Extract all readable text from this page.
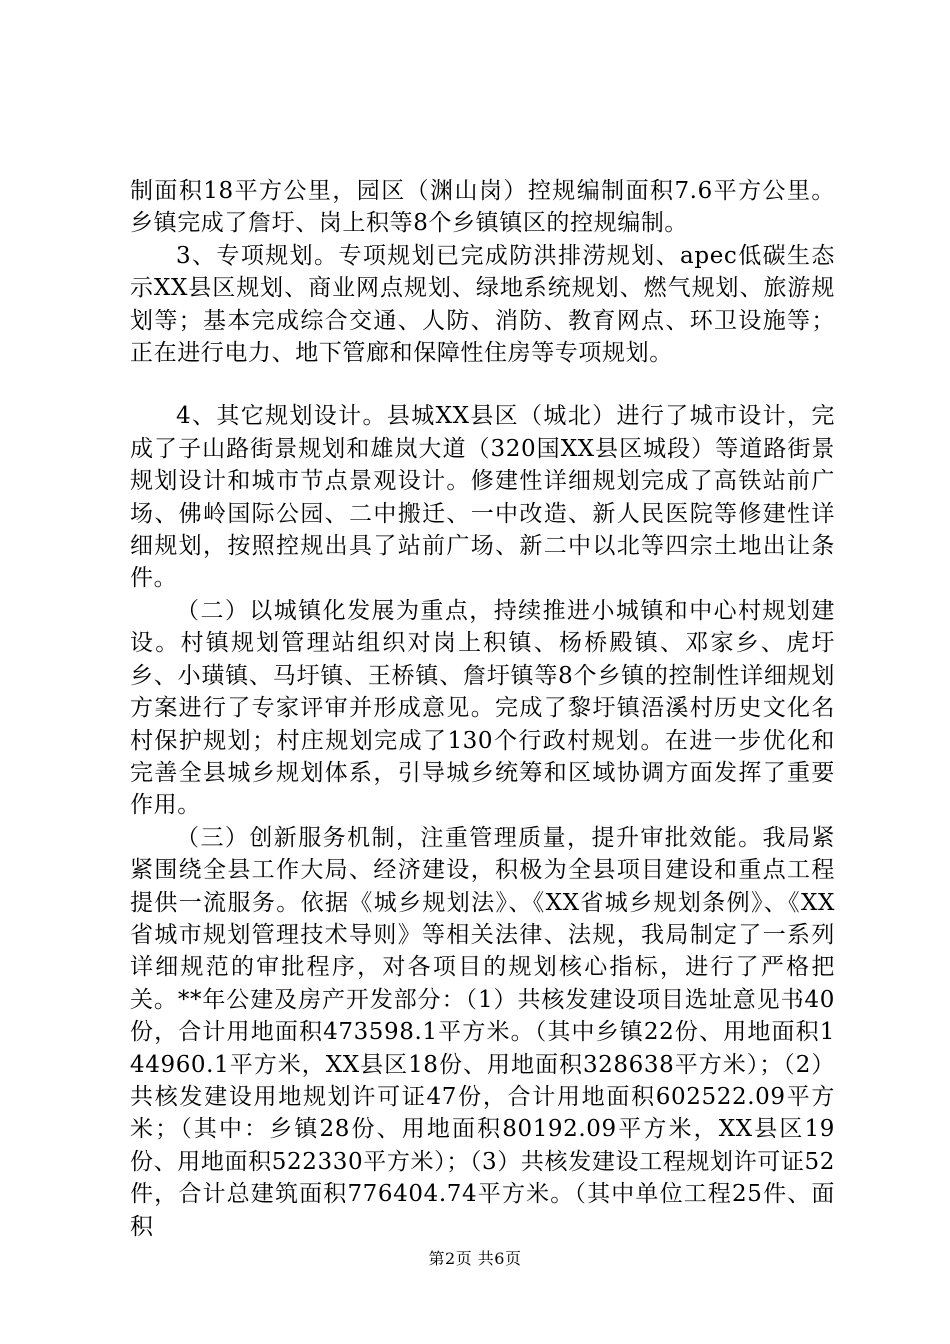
制面积18平方公里，园区（渊山岗）控规编制面积7.6平方公里。乡镇完成了詹圩、岗上积等8个乡镇镇区的控规编制。

3、专项规划。专项规划已完成防洪排涝规划、apec低碳生态示XX县区规划、商业网点规划、绿地系统规划、燃气规划、旅游规划等；基本完成综合交通、人防、消防、教育网点、环卫设施等；正在进行电力、地下管廊和保障性住房等专项规划。

4、其它规划设计。县城XX县区（城北）进行了城市设计，完成了子山路街景规划和雄岚大道（320国XX县区城段）等道路街景规划设计和城市节点景观设计。修建性详细规划完成了高铁站前广场、佛岭国际公园、二中搬迁、一中改造、新人民医院等修建性详细规划，按照控规出具了站前广场、新二中以北等四宗土地出让条件。

（二）以城镇化发展为重点，持续推进小城镇和中心村规划建设。村镇规划管理站组织对岗上积镇、杨桥殿镇、邓家乡、虎圩乡、小璜镇、马圩镇、王桥镇、詹圩镇等8个乡镇的控制性详细规划方案进行了专家评审并形成意见。完成了黎圩镇浯溪村历史文化名村保护规划；村庄规划完成了130个行政村规划。在进一步优化和完善全县城乡规划体系，引导城乡统筹和区域协调方面发挥了重要作用。

（三）创新服务机制，注重管理质量，提升审批效能。我局紧紧围绕全县工作大局、经济建设，积极为全县项目建设和重点工程提供一流服务。依据《城乡规划法》、《XX省城乡规划条例》、《XX省城市规划管理技术导则》等相关法律、法规，我局制定了一系列详细规范的审批程序，对各项目的规划核心指标，进行了严格把关。**年公建及房产开发部分：（1）共核发建设项目选址意见书40份，合计用地面积473598.1平方米。（其中乡镇22份、用地面积144960.1平方米，XX县区18份、用地面积328638平方米）；（2）共核发建设用地规划许可证47份，合计用地面积602522.09平方米；（其中：乡镇28份、用地面积80192.09平方米，XX县区19份、用地面积522330平方米）；（3）共核发建设工程规划许可证52件，合计总建筑面积776404.74平方米。（其中单位工程25件、面积

第2页 共6页
